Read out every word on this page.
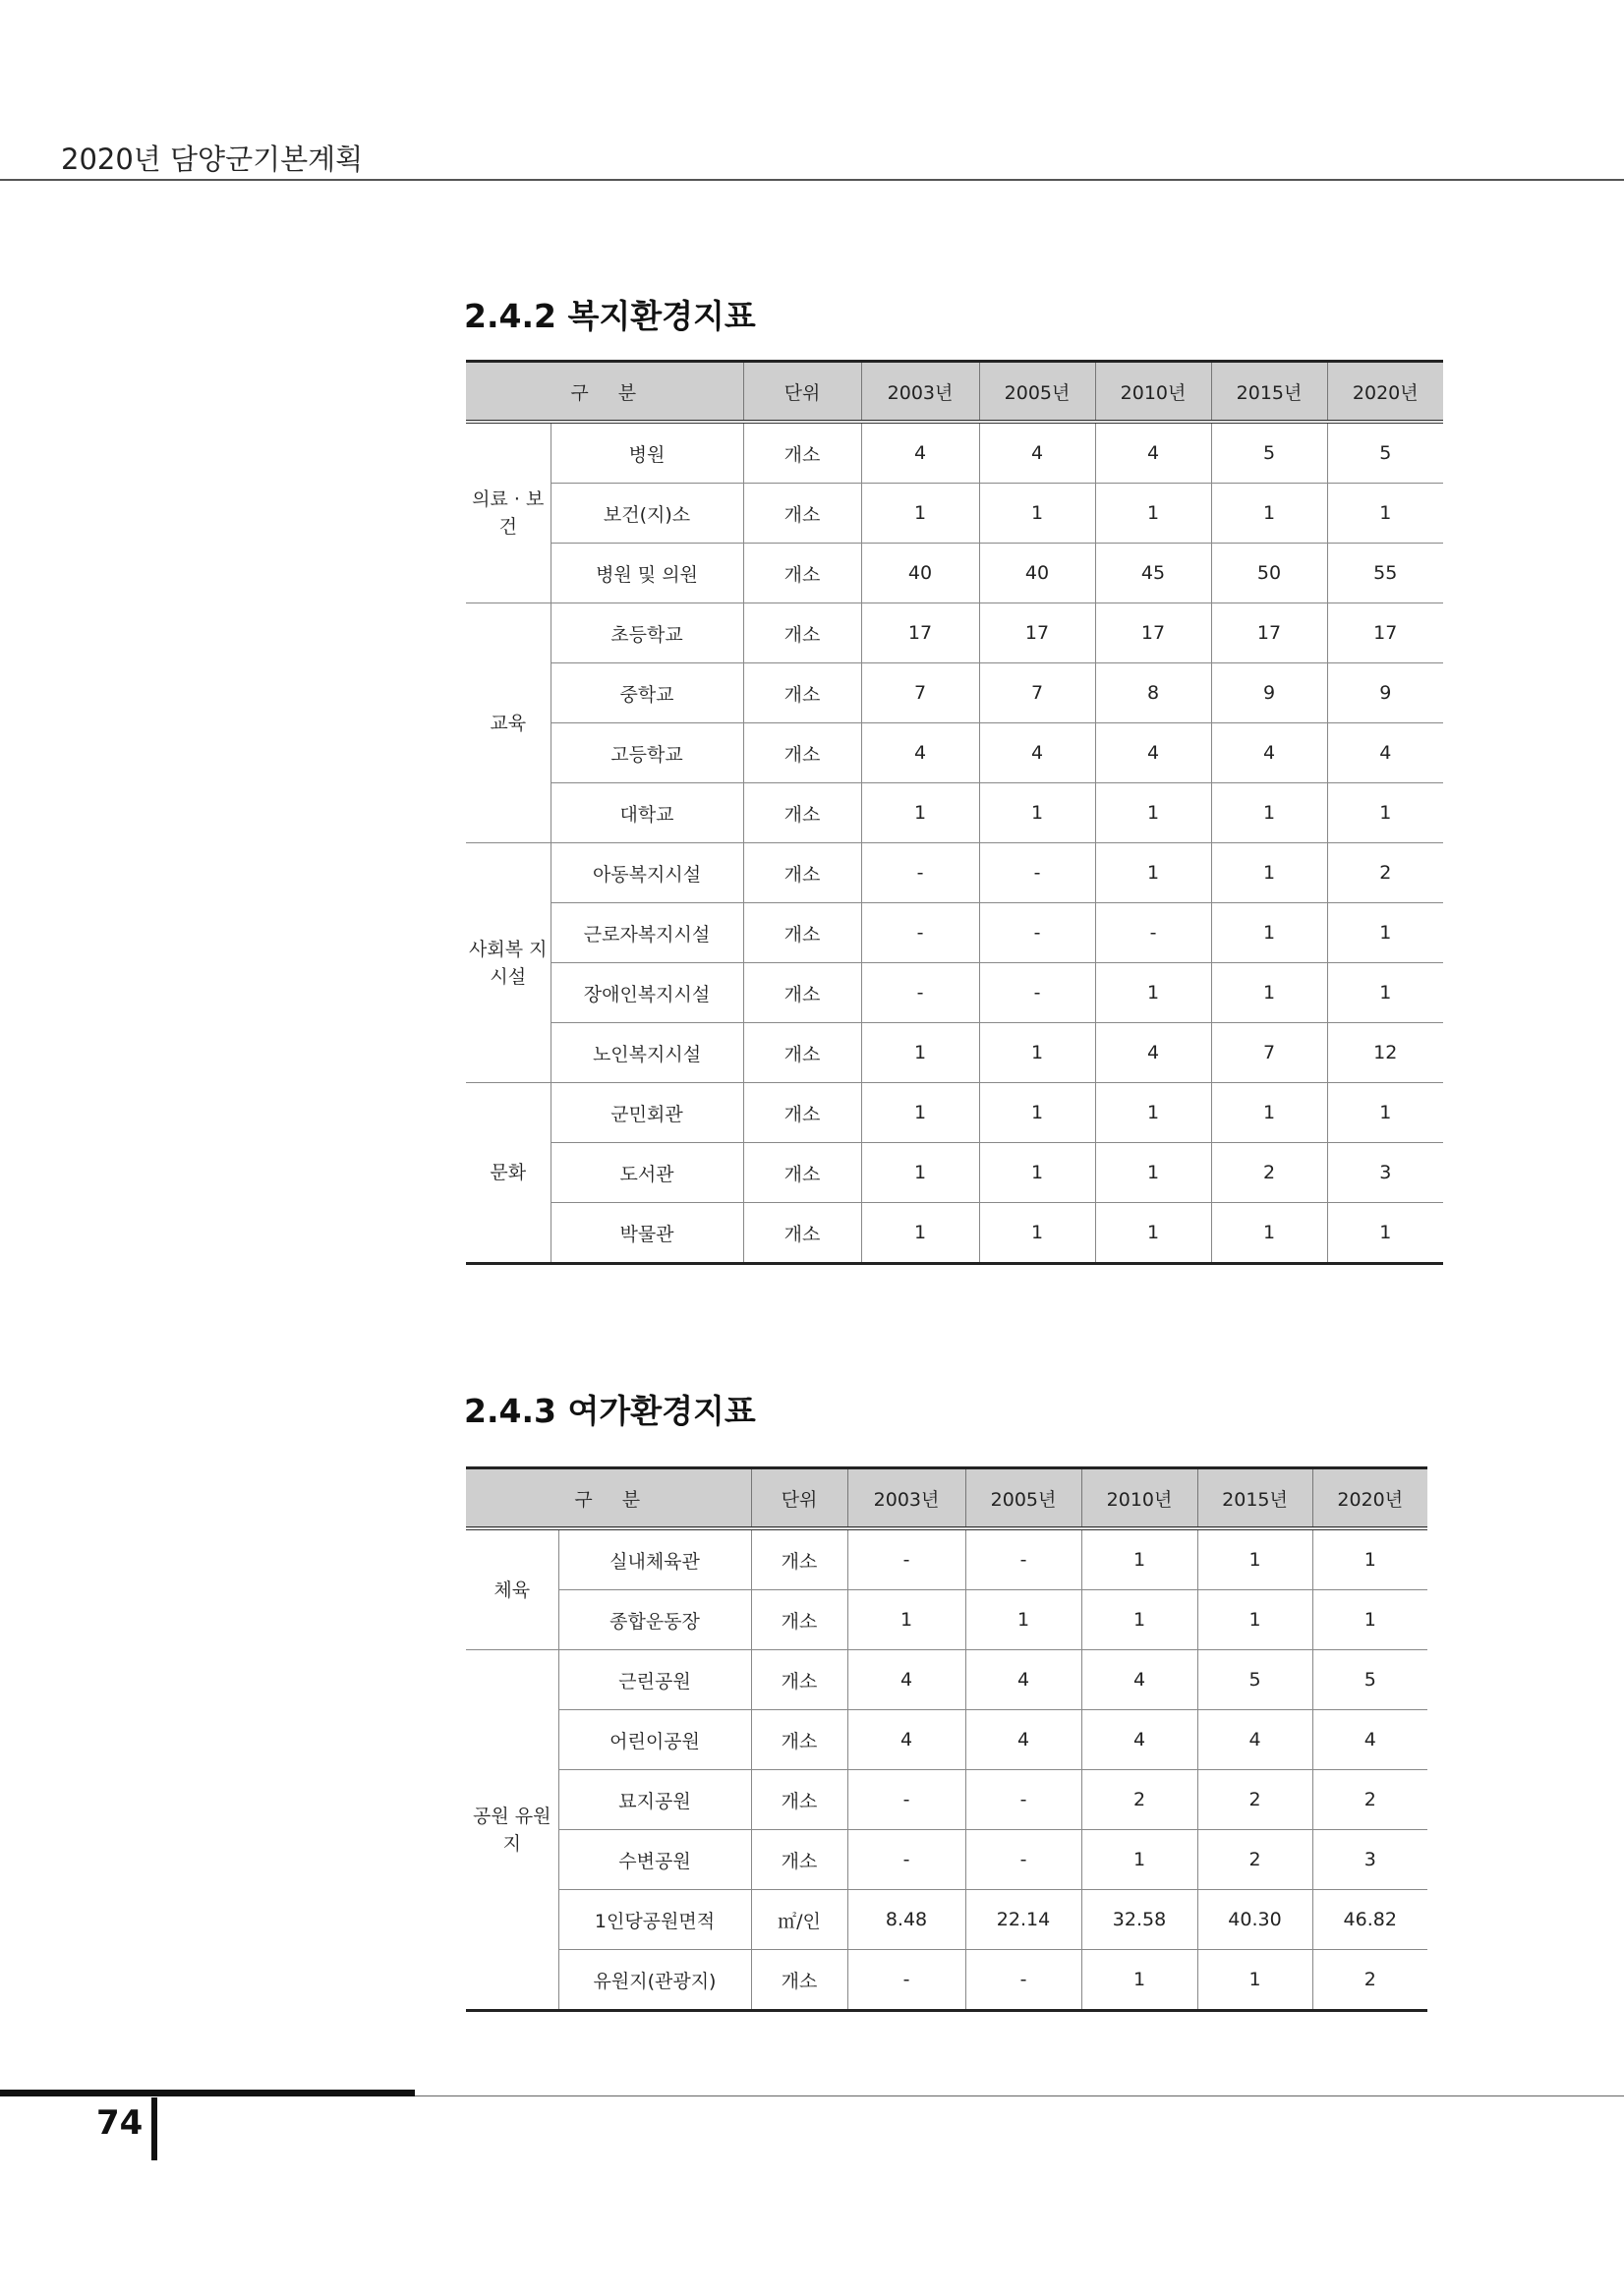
2020년 담양군기본계획
2.4.2 복지환경지표
구 분		단위	2003년	2005년	2010년	2015년	2020년
의료 · 보건	병원	개소	4	4	4	5	5
	보건(지)소	개소	1	1	1	1	1
	병원 및 의원	개소	40	40	45	50	55
교육	초등학교	개소	17	17	17	17	17
	중학교	개소	7	7	8	9	9
	고등학교	개소	4	4	4	4	4
	대학교	개소	1	1	1	1	1
사회복 지시설	아동복지시설	개소	-	-	1	1	2
	근로자복지시설	개소	-	-	-	1	1
	장애인복지시설	개소	-	-	1	1	1
	노인복지시설	개소	1	1	4	7	12
문화	군민회관	개소	1	1	1	1	1
	도서관	개소	1	1	1	2	3
	박물관	개소	1	1	1	1	1
2.4.3 여가환경지표
구 분		단위	2003년	2005년	2010년	2015년	2020년
체육	실내체육관	개소	-	-	1	1	1
	종합운동장	개소	1	1	1	1	1
공원 유원지	근린공원	개소	4	4	4	5	5
	어린이공원	개소	4	4	4	4	4
	묘지공원	개소	-	-	2	2	2
	수변공원	개소	-	-	1	2	3
	1인당공원면적	㎡/인	8.48	22.14	32.58	40.30	46.82
	유원지(관광지)	개소	-	-	1	1	2
74
